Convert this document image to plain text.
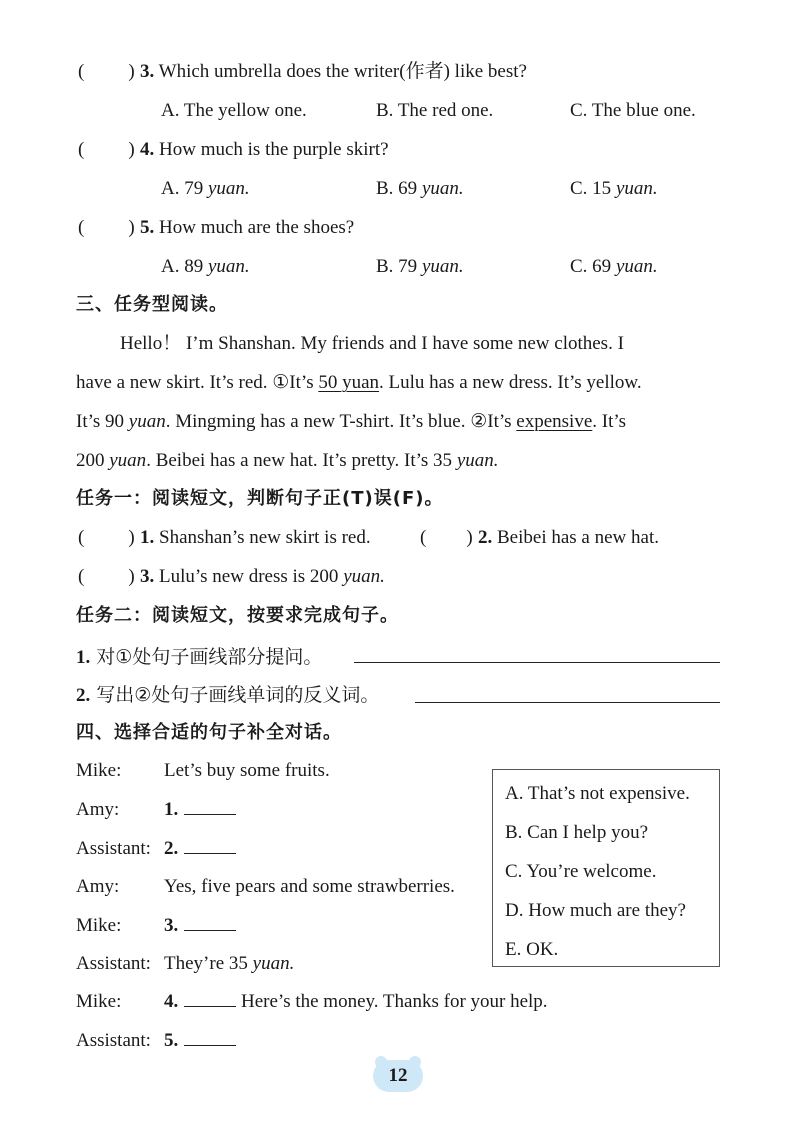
( ) 3. Which umbrella does the writer(作者) like best?
A. The yellow one.	B. The red one.	C. The blue one.
( ) 4. How much is the purple skirt?
A. 79 yuan.	B. 69 yuan.	C. 15 yuan.
( ) 5. How much are the shoes?
A. 89 yuan.	B. 79 yuan.	C. 69 yuan.
三、任务型阅读。
Hello！ I’m Shanshan. My friends and I have some new clothes. I
have a new skirt. It’s red. ①It’s 50 yuan. Lulu has a new dress. It’s yellow.
It’s 90 yuan. Mingming has a new T-shirt. It’s blue. ②It’s expensive. It’s
200 yuan. Beibei has a new hat. It’s pretty. It’s 35 yuan.
任务一：阅读短文，判断句子正(T)误(F)。
( ) 1. Shanshan’s new skirt is red.	( ) 2. Beibei has a new hat.
( ) 3. Lulu’s new dress is 200 yuan.
任务二：阅读短文，按要求完成句子。
1. 对①处句子画线部分提问。
2. 写出②处句子画线单词的反义词。
四、选择合适的句子补全对话。
Mike: Let’s buy some fruits.
Amy: 1.
Assistant: 2.
Amy: Yes, five pears and some strawberries.
Mike: 3.
Assistant: They’re 35 yuan.
Mike: 4.	Here’s the money. Thanks for your help.
Assistant: 5.
A. That’s not expensive.
B. Can I help you?
C. You’re welcome.
D. How much are they?
E. OK.
12
